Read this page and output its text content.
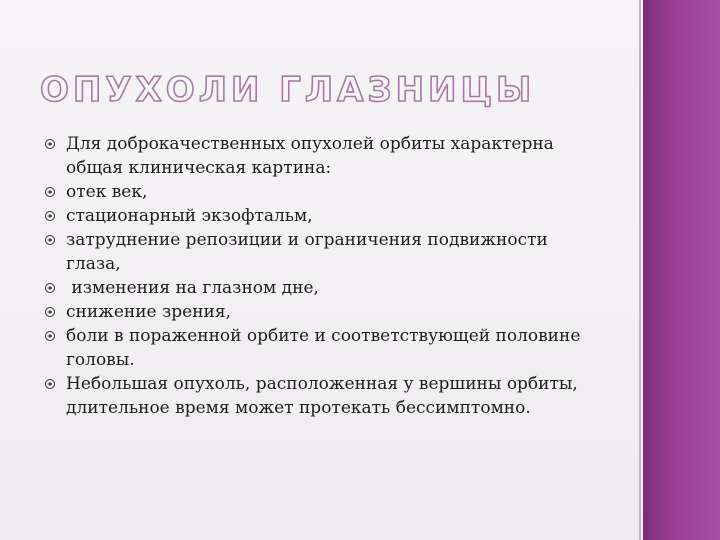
ОПУХОЛИ ГЛАЗНИЦЫ
Для доброкачественных опухолей орбиты характерна общая клиническая картина:
отек век,
стационарный экзофтальм,
затруднение репозиции и ограничения подвижности глаза,
изменения на глазном дне,
снижение зрения,
боли в пораженной орбите и соответствующей половине головы.
Небольшая опухоль, расположенная у вершины орбиты, длительное время может протекать бессимптомно.
